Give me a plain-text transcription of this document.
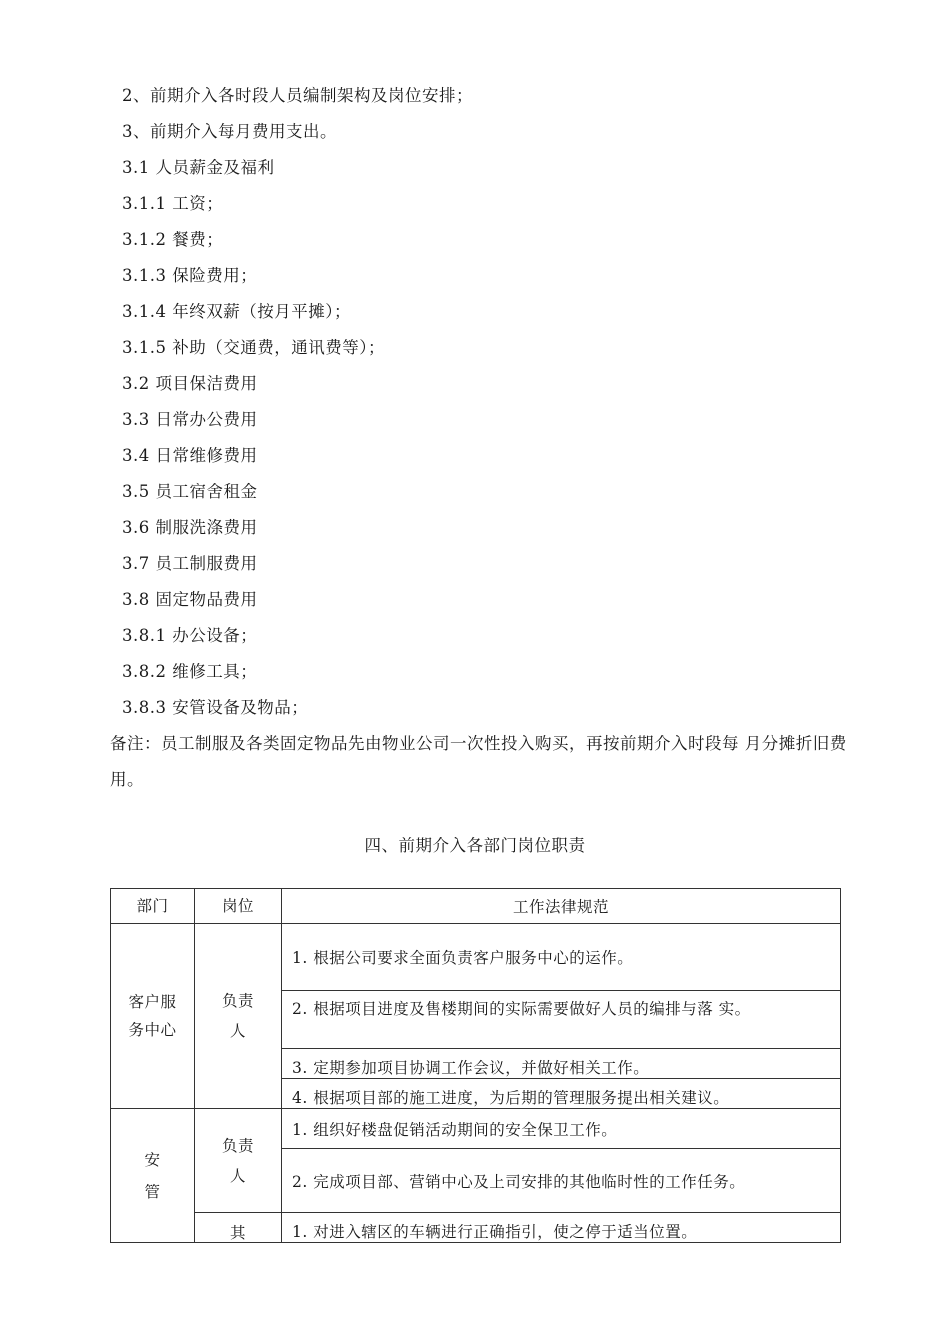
2、前期介入各时段人员编制架构及岗位安排；
3、前期介入每月费用支出。
3.1 人员薪金及福利
3.1.1 工资；
3.1.2 餐费；
3.1.3 保险费用；
3.1.4 年终双薪（按月平摊）；
3.1.5 补助（交通费，通讯费等）；
3.2 项目保洁费用
3.3 日常办公费用
3.4 日常维修费用
3.5 员工宿舍租金
3.6 制服洗涤费用
3.7 员工制服费用
3.8 固定物品费用
3.8.1 办公设备；
3.8.2 维修工具；
3.8.3 安管设备及物品；
备注：员工制服及各类固定物品先由物业公司一次性投入购买，再按前期介入时段每 月分摊折旧费用。
四、前期介入各部门岗位职责
部门	岗位	工作法律规范

客户服务中心	负责人	1. 根据公司要求全面负责客户服务中心的运作。
		2. 根据项目进度及售楼期间的实际需要做好人员的编排与落 实。
		3. 定期参加项目协调工作会议，并做好相关工作。
		4. 根据项目部的施工进度，为后期的管理服务提出相关建议。

安管	负责人	1. 组织好楼盘促销活动期间的安全保卫工作。
		2. 完成项目部、营销中心及上司安排的其他临时性的工作任务。

	其	1. 对进入辖区的车辆进行正确指引，使之停于适当位置。
